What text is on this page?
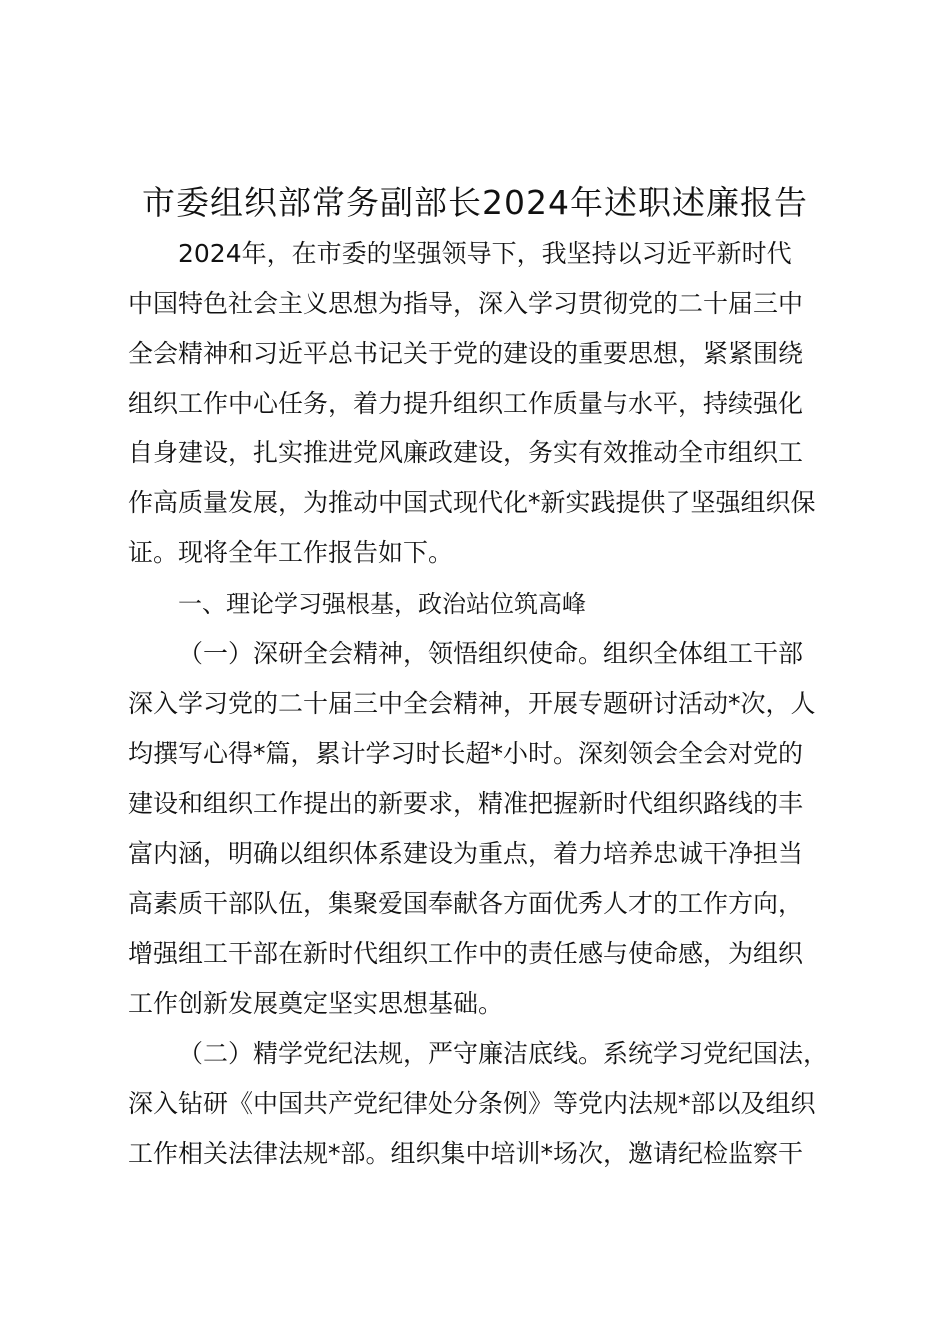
市委组织部常务副部长2024年述职述廉报告
2024年，在市委的坚强领导下，我坚持以习近平新时代
中国特色社会主义思想为指导，深入学习贯彻党的二十届三中
全会精神和习近平总书记关于党的建设的重要思想，紧紧围绕
组织工作中心任务，着力提升组织工作质量与水平，持续强化
自身建设，扎实推进党风廉政建设，务实有效推动全市组织工
作高质量发展，为推动中国式现代化*新实践提供了坚强组织保
证。现将全年工作报告如下。
一、理论学习强根基，政治站位筑高峰
（一）深研全会精神，领悟组织使命。组织全体组工干部
深入学习党的二十届三中全会精神，开展专题研讨活动*次，人
均撰写心得*篇，累计学习时长超*小时。深刻领会全会对党的
建设和组织工作提出的新要求，精准把握新时代组织路线的丰
富内涵，明确以组织体系建设为重点，着力培养忠诚干净担当
高素质干部队伍，集聚爱国奉献各方面优秀人才的工作方向，
增强组工干部在新时代组织工作中的责任感与使命感，为组织
工作创新发展奠定坚实思想基础。
（二）精学党纪法规，严守廉洁底线。系统学习党纪国法，
深入钻研《中国共产党纪律处分条例》等党内法规*部以及组织
工作相关法律法规*部。组织集中培训*场次，邀请纪检监察干
